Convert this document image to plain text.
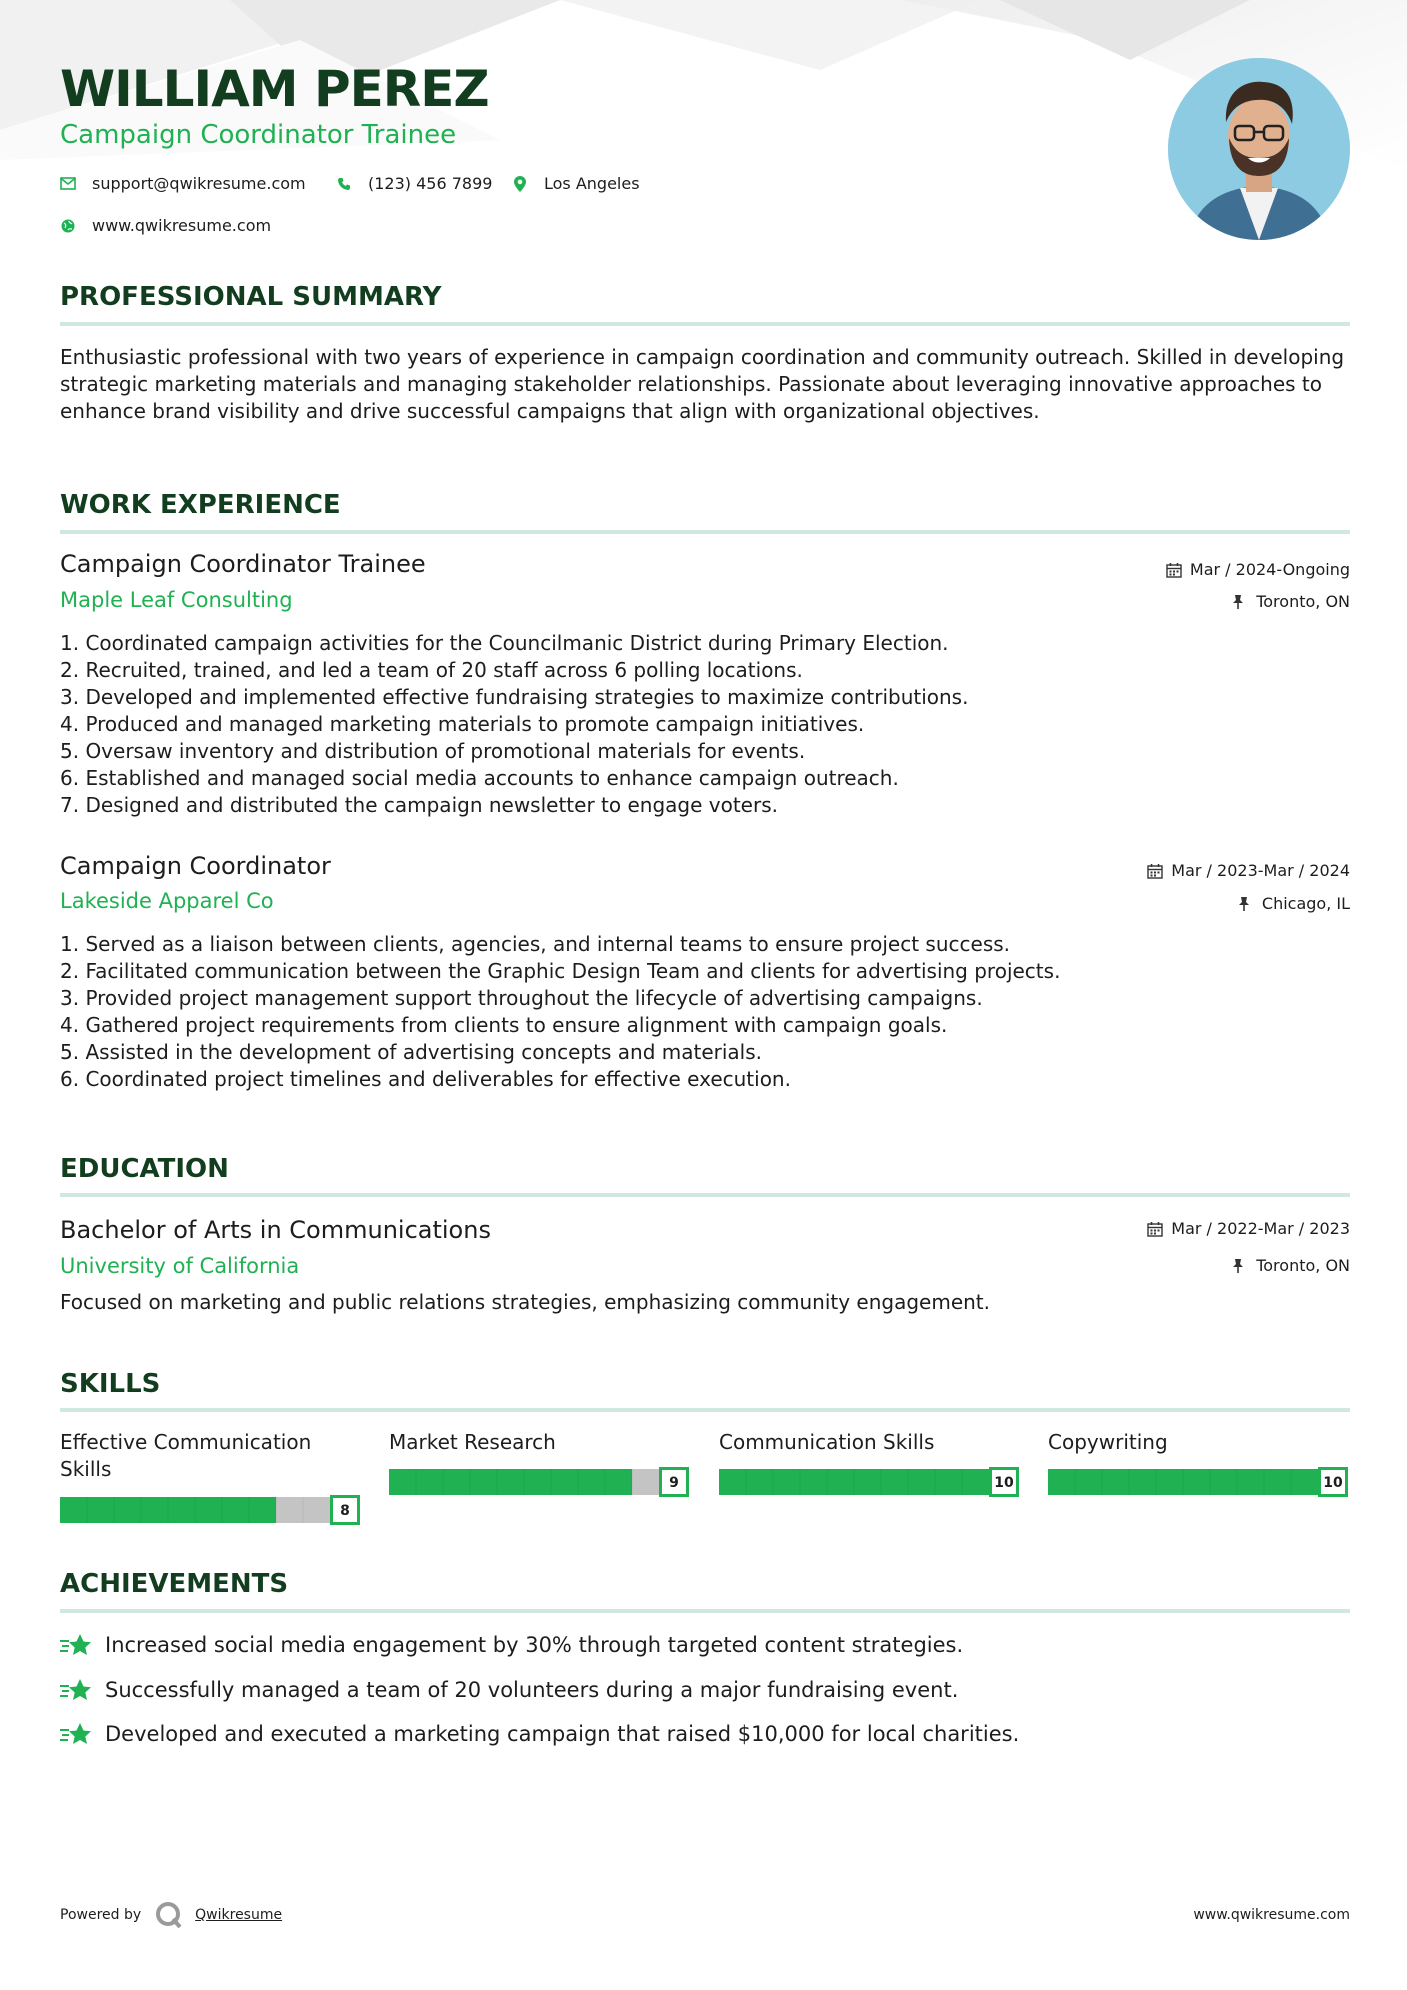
WILLIAM PEREZ
Campaign Coordinator Trainee
support@qwikresume.com	(123) 456 7899	Los Angeles
www.qwikresume.com
PROFESSIONAL SUMMARY
Enthusiastic professional with two years of experience in campaign coordination and community outreach. Skilled in developing strategic marketing materials and managing stakeholder relationships. Passionate about leveraging innovative approaches to enhance brand visibility and drive successful campaigns that align with organizational objectives.
WORK EXPERIENCE
Campaign Coordinator Trainee
Maple Leaf Consulting
Mar / 2024-Ongoing
Toronto, ON
1. Coordinated campaign activities for the Councilmanic District during Primary Election.
2. Recruited, trained, and led a team of 20 staff across 6 polling locations.
3. Developed and implemented effective fundraising strategies to maximize contributions.
4. Produced and managed marketing materials to promote campaign initiatives.
5. Oversaw inventory and distribution of promotional materials for events.
6. Established and managed social media accounts to enhance campaign outreach.
7. Designed and distributed the campaign newsletter to engage voters.
Campaign Coordinator
Lakeside Apparel Co
Mar / 2023-Mar / 2024
Chicago, IL
1. Served as a liaison between clients, agencies, and internal teams to ensure project success.
2. Facilitated communication between the Graphic Design Team and clients for advertising projects.
3. Provided project management support throughout the lifecycle of advertising campaigns.
4. Gathered project requirements from clients to ensure alignment with campaign goals.
5. Assisted in the development of advertising concepts and materials.
6. Coordinated project timelines and deliverables for effective execution.
EDUCATION
Bachelor of Arts in Communications
University of California
Mar / 2022-Mar / 2023
Toronto, ON
Focused on marketing and public relations strategies, emphasizing community engagement.
SKILLS
Effective Communication Skills
8
Market Research
9
Communication Skills
10
Copywriting
10
ACHIEVEMENTS
Increased social media engagement by 30% through targeted content strategies.
Successfully managed a team of 20 volunteers during a major fundraising event.
Developed and executed a marketing campaign that raised $10,000 for local charities.
Powered by	Qwikresume	www.qwikresume.com
